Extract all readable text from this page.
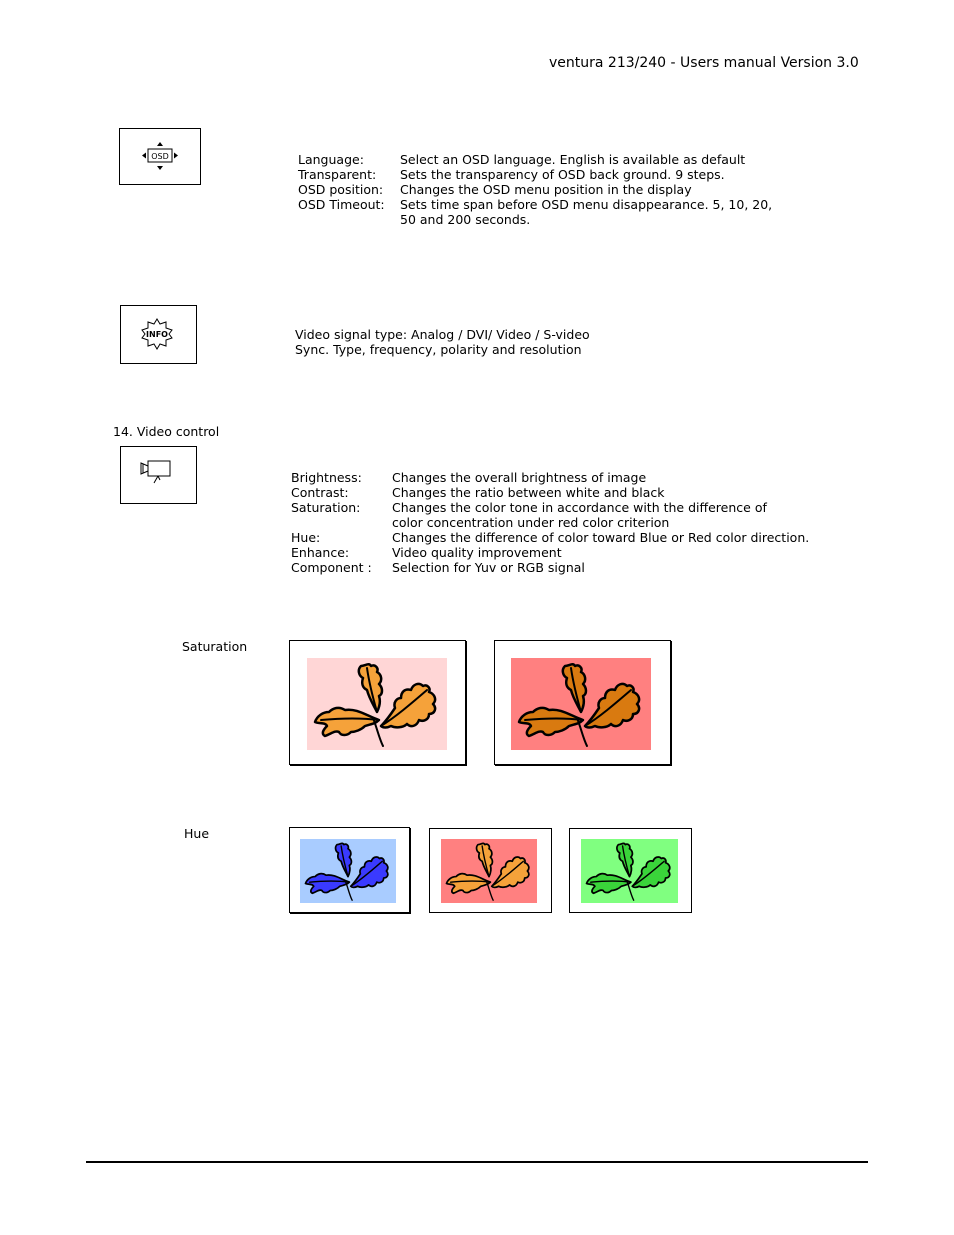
ventura 213/240 - Users manual Version 3.0
OSD	Language:	Select an OSD language. English is available as default
Transparent: Sets the transparency of OSD back ground. 9 steps.
OSD position: Changes the OSD menu position in the display
OSD Timeout: Sets time span before OSD menu disappearance. 5, 10, 20,
50 and 200 seconds.
INFO	Video signal type: Analog / DVI/ Video / S-video
Sync. Type, frequency, polarity and resolution
14. Video control
Brightness: Changes the overall brightness of image
Contrast:	Changes the ratio between white and black
Saturation:	Changes the color tone in accordance with the difference of
color concentration under red color criterion
Hue:	Changes the difference of color toward Blue or Red color direction.
Enhance:	Video quality improvement
Component : Selection for Yuv or RGB signal
Saturation
Hue
